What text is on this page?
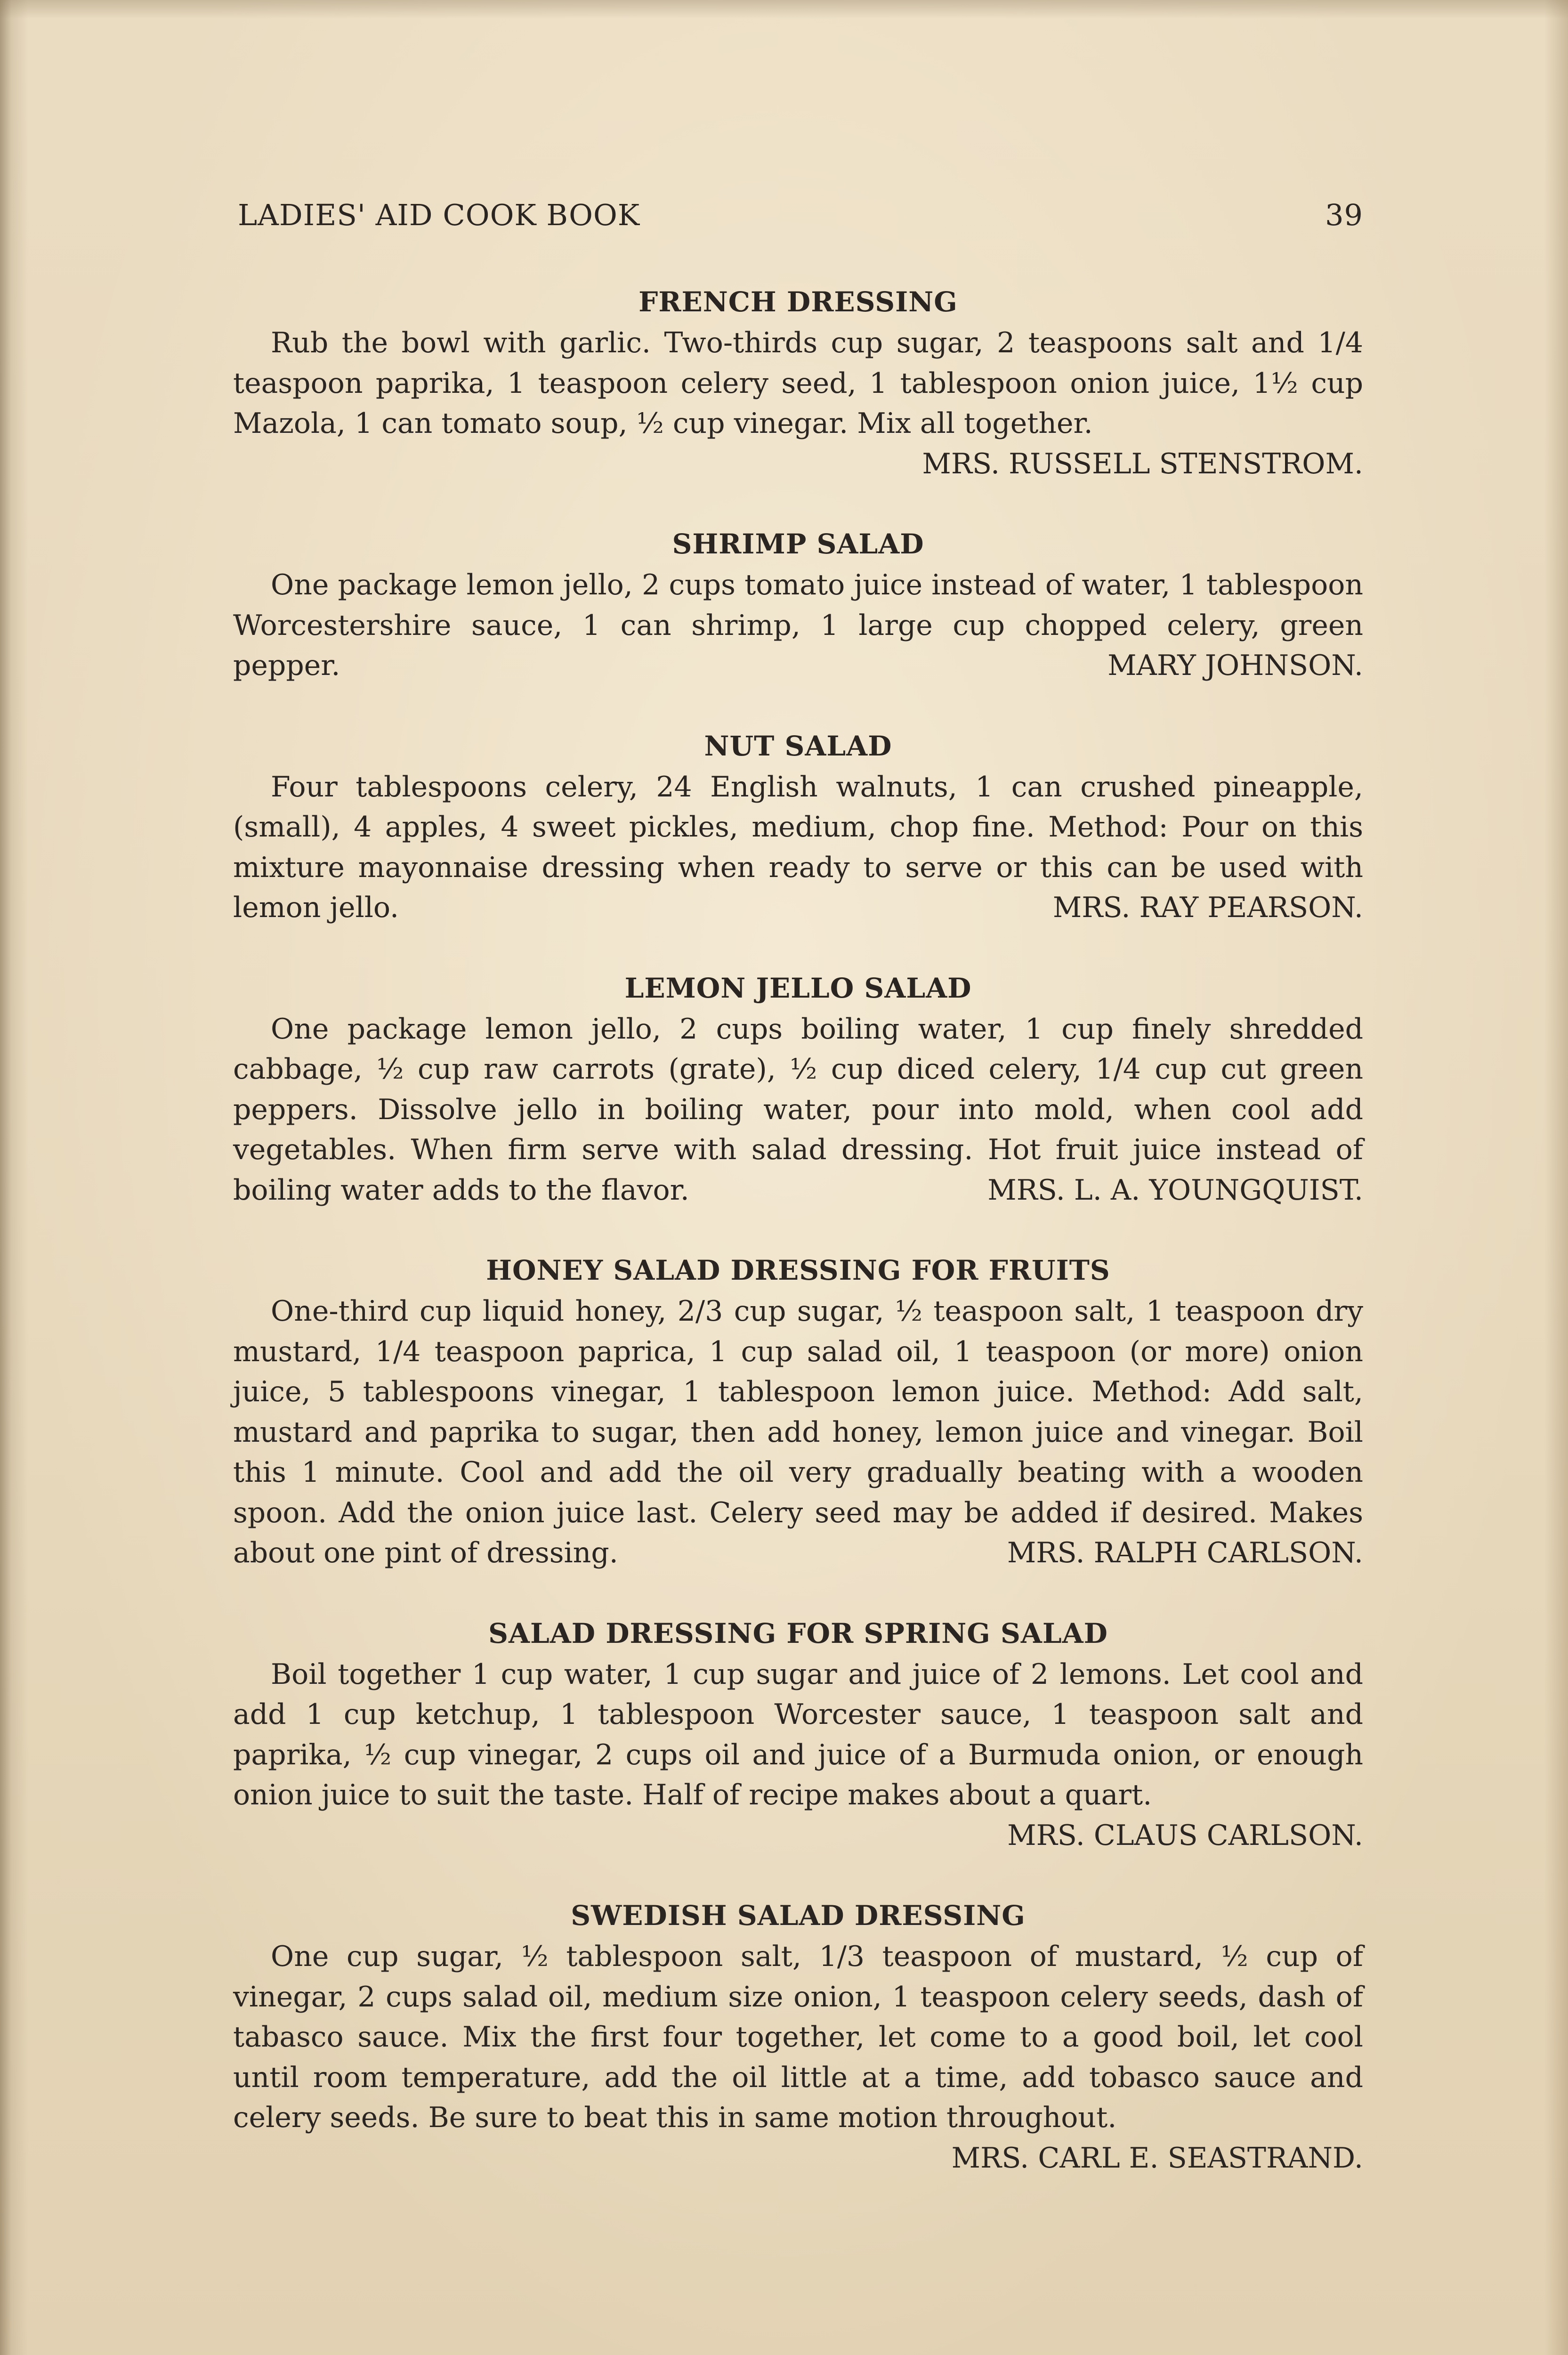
LADIES' AID COOK BOOK	39
FRENCH DRESSING
Rub the bowl with garlic. Two-thirds cup sugar, 2 teaspoons salt and 1/4 teaspoon paprika, 1 teaspoon celery seed, 1 tablespoon onion juice, 1½ cup Mazola, 1 can tomato soup, ½ cup vinegar. Mix all together.
MRS. RUSSELL STENSTROM.
SHRIMP SALAD
One package lemon jello, 2 cups tomato juice instead of water, 1 tablespoon Worcestershire sauce, 1 can shrimp, 1 large cup chopped celery, green pepper.	MARY JOHNSON.
NUT SALAD
Four tablespoons celery, 24 English walnuts, 1 can crushed pineapple, (small), 4 apples, 4 sweet pickles, medium, chop fine. Method: Pour on this mixture mayonnaise dressing when ready to serve or this can be used with lemon jello.	MRS. RAY PEARSON.
LEMON JELLO SALAD
One package lemon jello, 2 cups boiling water, 1 cup finely shredded cabbage, ½ cup raw carrots (grate), ½ cup diced celery, 1/4 cup cut green peppers. Dissolve jello in boiling water, pour into mold, when cool add vegetables. When firm serve with salad dressing. Hot fruit juice instead of boiling water adds to the flavor.	MRS. L. A. YOUNGQUIST.
HONEY SALAD DRESSING FOR FRUITS
One-third cup liquid honey, 2/3 cup sugar, ½ teaspoon salt, 1 teaspoon dry mustard, 1/4 teaspoon paprica, 1 cup salad oil, 1 teaspoon (or more) onion juice, 5 tablespoons vinegar, 1 tablespoon lemon juice. Method: Add salt, mustard and paprika to sugar, then add honey, lemon juice and vinegar. Boil this 1 minute. Cool and add the oil very gradually beating with a wooden spoon. Add the onion juice last. Celery seed may be added if desired. Makes about one pint of dressing.	MRS. RALPH CARLSON.
SALAD DRESSING FOR SPRING SALAD
Boil together 1 cup water, 1 cup sugar and juice of 2 lemons. Let cool and add 1 cup ketchup, 1 tablespoon Worcester sauce, 1 teaspoon salt and paprika, ½ cup vinegar, 2 cups oil and juice of a Burmuda onion, or enough onion juice to suit the taste. Half of recipe makes about a quart.
MRS. CLAUS CARLSON.
SWEDISH SALAD DRESSING
One cup sugar, ½ tablespoon salt, 1/3 teaspoon of mustard, ½ cup of vinegar, 2 cups salad oil, medium size onion, 1 teaspoon celery seeds, dash of tabasco sauce. Mix the first four together, let come to a good boil, let cool until room temperature, add the oil little at a time, add tobasco sauce and celery seeds. Be sure to beat this in same motion throughout.
MRS. CARL E. SEASTRAND.
